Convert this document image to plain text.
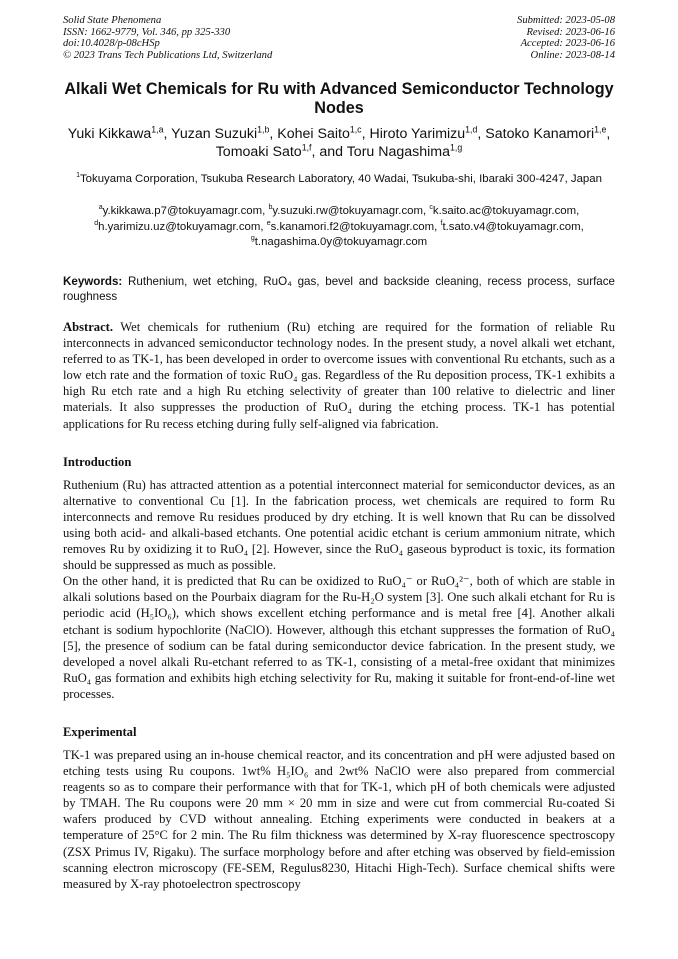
Solid State Phenomena
ISSN: 1662-9779, Vol. 346, pp 325-330
doi:10.4028/p-08cHSp
© 2023 Trans Tech Publications Ltd, Switzerland
Submitted: 2023-05-08
Revised: 2023-06-16
Accepted: 2023-06-16
Online: 2023-08-14
Alkali Wet Chemicals for Ru with Advanced Semiconductor Technology Nodes
Yuki Kikkawa$^{1,a}$, Yuzan Suzuki$^{1,b}$, Kohei Saito$^{1,c}$, Hiroto Yarimizu$^{1,d}$, Satoko Kanamori$^{1,e}$, Tomoaki Sato$^{1,f}$, and Toru Nagashima$^{1,g}$
$^1$Tokuyama Corporation, Tsukuba Research Laboratory, 40 Wadai, Tsukuba-shi, Ibaraki 300-4247, Japan
$^a$y.kikkawa.p7@tokuyamagr.com, $^b$y.suzuki.rw@tokuyamagr.com, $^c$k.saito.ac@tokuyamagr.com,
$^d$h.yarimizu.uz@tokuyamagr.com, $^e$s.kanamori.f2@tokuyamagr.com, $^f$t.sato.v4@tokuyamagr.com,
$^g$t.nagashima.0y@tokuyamagr.com
Keywords: Ruthenium, wet etching, RuO₄ gas, bevel and backside cleaning, recess process, surface roughness

Abstract. Wet chemicals for ruthenium (Ru) etching are required for the formation of reliable Ru interconnects in advanced semiconductor technology nodes. In the present study, a novel alkali wet etchant, referred to as TK-1, has been developed in order to overcome issues with conventional Ru etchants, such as a low etch rate and the formation of toxic RuO₄ gas. Regardless of the Ru deposition process, TK-1 exhibits a high Ru etch rate and a high Ru etching selectivity of greater than 100 relative to dielectric and liner materials. It also suppresses the production of RuO₄ during the etching process. TK-1 has potential applications for Ru recess etching during fully self-aligned via fabrication.

Introduction

Ruthenium (Ru) has attracted attention as a potential interconnect material for semiconductor devices, as an alternative to conventional Cu [1]. In the fabrication process, wet chemicals are required to form Ru interconnects and remove Ru residues produced by dry etching. It is well known that Ru can be dissolved using both acid- and alkali-based etchants. One potential acidic etchant is cerium ammonium nitrate, which removes Ru by oxidizing it to RuO₄ [2]. However, since the RuO₄ gaseous byproduct is toxic, its formation should be suppressed as much as possible.

On the other hand, it is predicted that Ru can be oxidized to RuO₄⁻ or RuO₄²⁻, both of which are stable in alkali solutions based on the Pourbaix diagram for the Ru-H₂O system [3]. One such alkali etchant for Ru is periodic acid (H₅IO₆), which shows excellent etching performance and is metal free [4]. Another alkali etchant is sodium hypochlorite (NaClO). However, although this etchant suppresses the formation of RuO₄ [5], the presence of sodium can be fatal during semiconductor device fabrication. In the present study, we developed a novel alkali Ru-etchant referred to as TK-1, consisting of a metal-free oxidant that minimizes RuO₄ gas formation and exhibits high etching selectivity for Ru, making it suitable for front-end-of-line wet processes.

Experimental

TK-1 was prepared using an in-house chemical reactor, and its concentration and pH were adjusted based on etching tests using Ru coupons. 1wt% H₅IO₆ and 2wt% NaClO were also prepared from commercial reagents so as to compare their performance with that for TK-1, which pH of both chemicals were adjusted by TMAH. The Ru coupons were 20 mm × 20 mm in size and were cut from commercial Ru-coated Si wafers produced by CVD without annealing. Etching experiments were conducted in beakers at a temperature of 25°C for 2 min. The Ru film thickness was determined by X-ray fluorescence spectroscopy (ZSX Primus IV, Rigaku). The surface morphology before and after etching was observed by field-emission scanning electron microscopy (FE-SEM, Regulus8230, Hitachi High-Tech). Surface chemical shifts were measured by X-ray photoelectron spectroscopy
